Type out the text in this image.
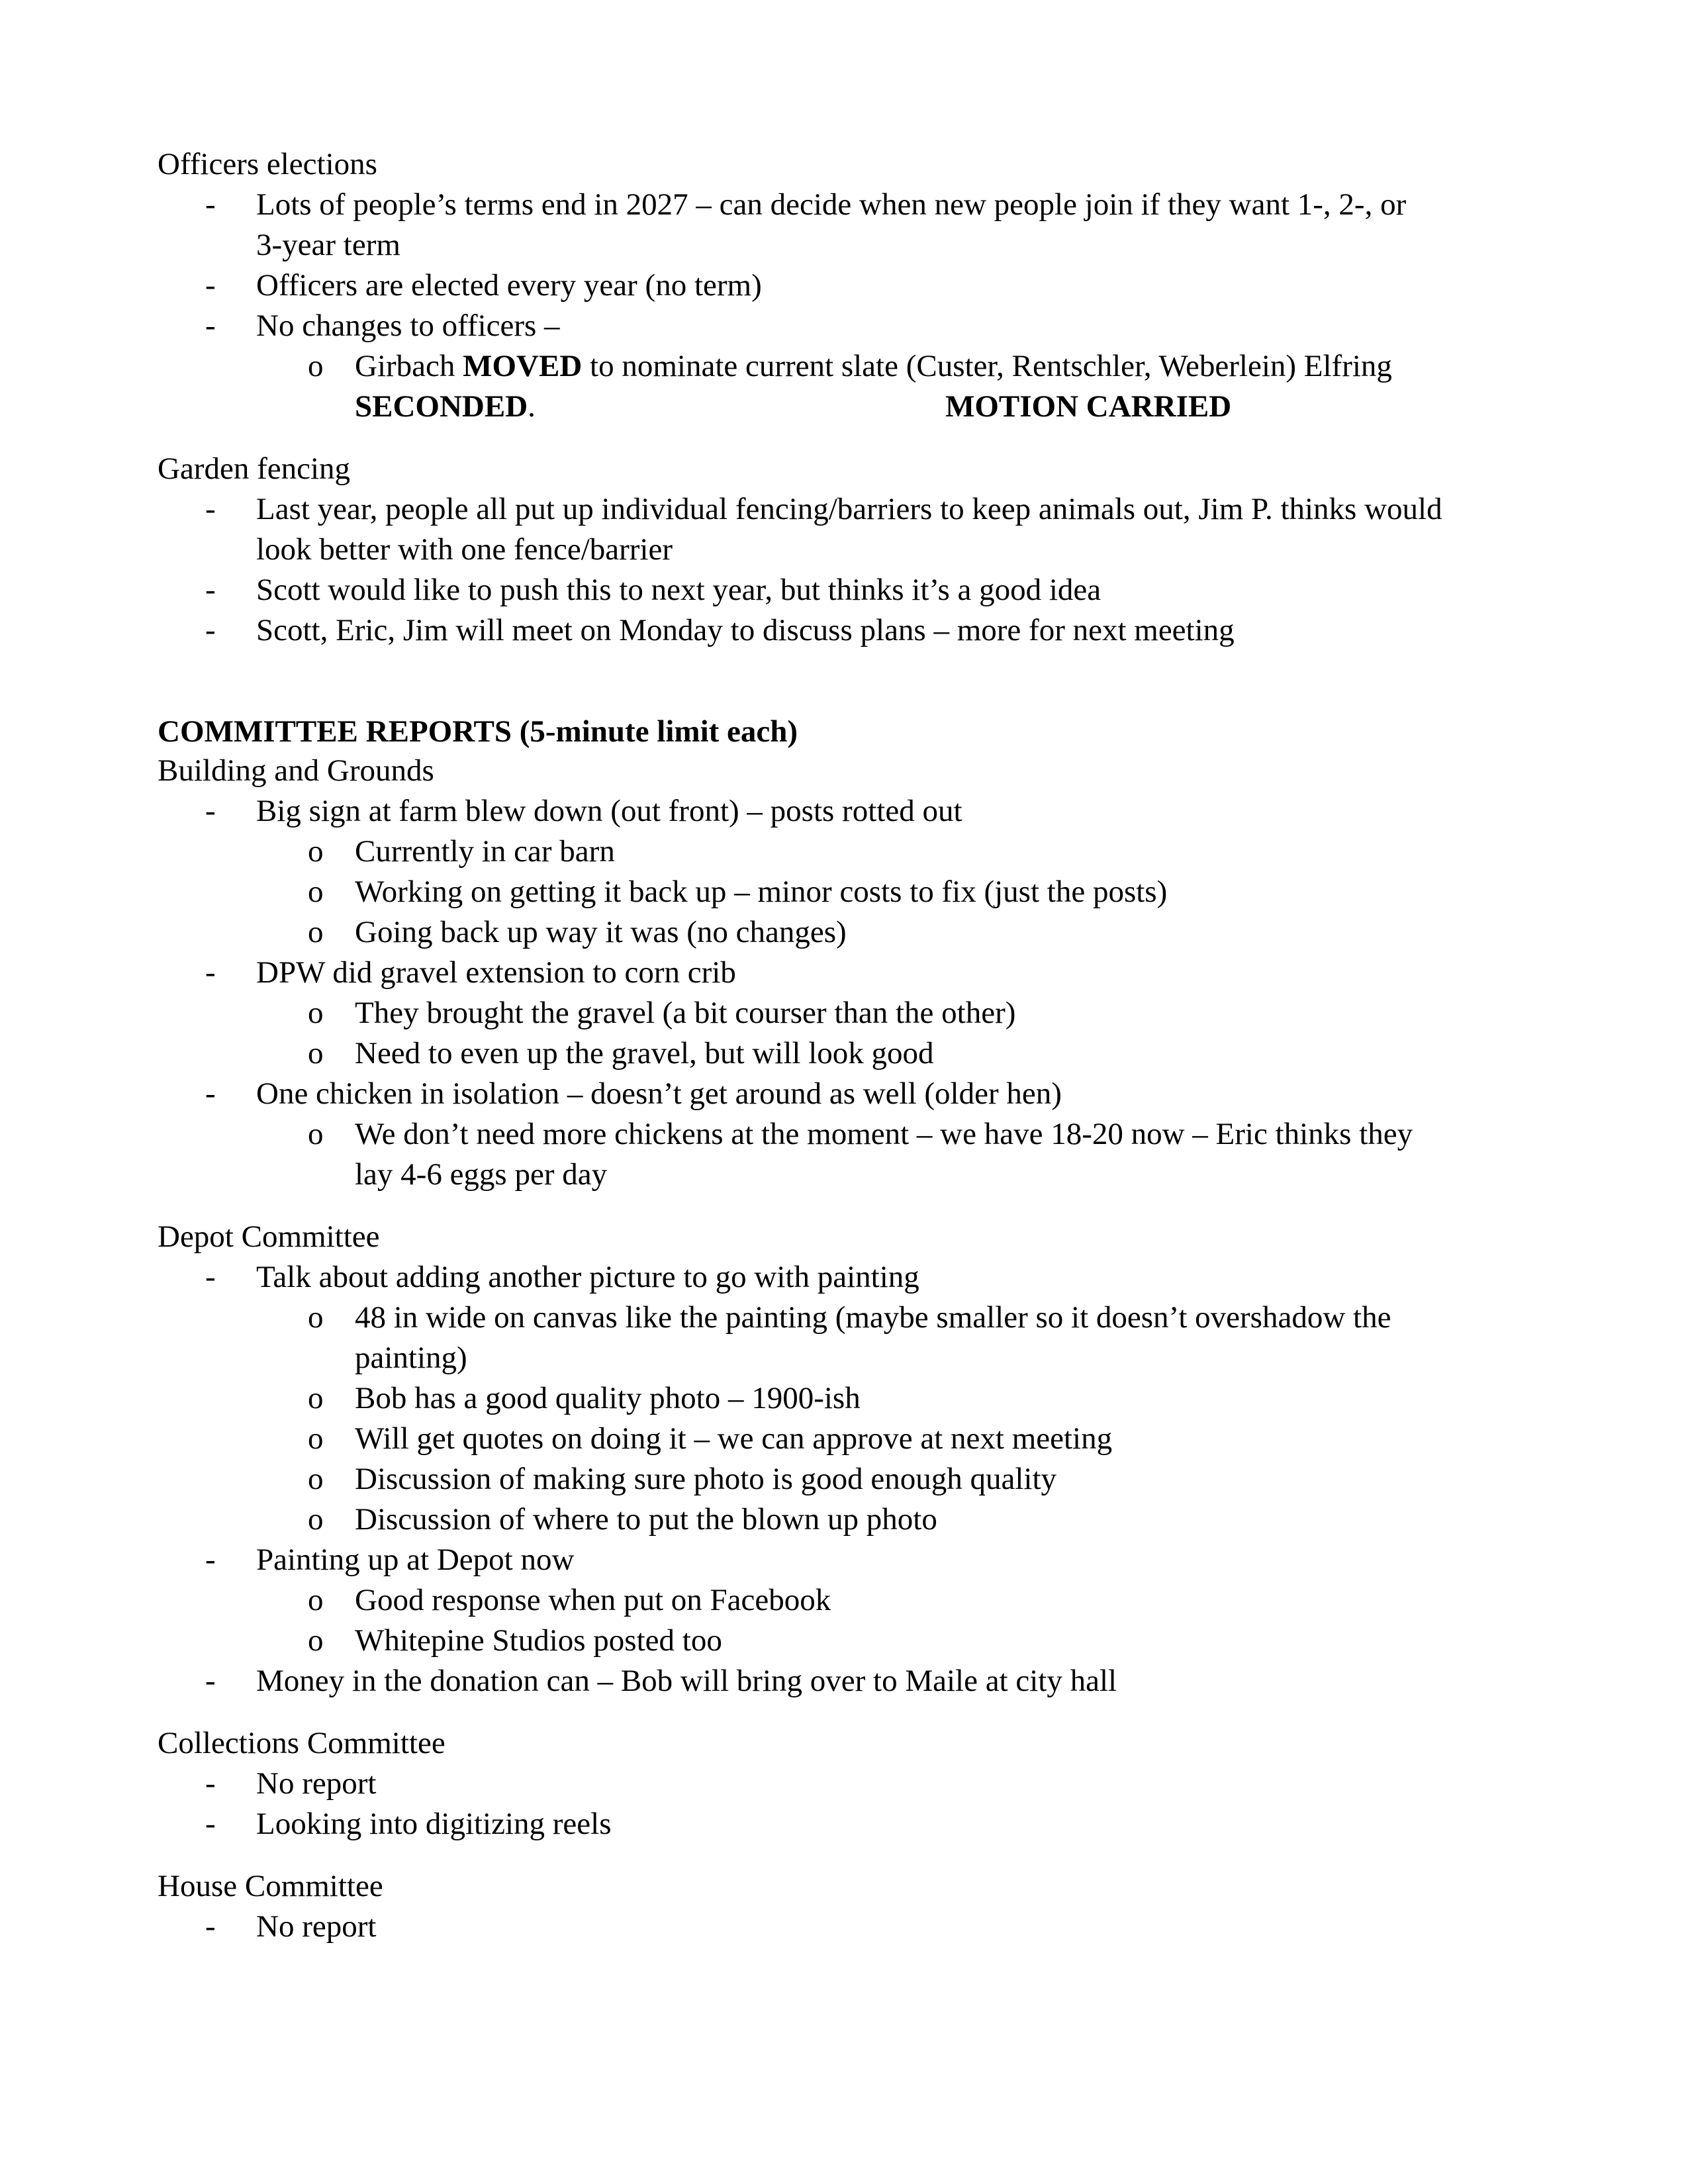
Officers elections
- Lots of people’s terms end in 2027 – can decide when new people join if they want 1-, 2-, or
3-year term
- Officers are elected every year (no term)
- No changes to officers –
o Girbach MOVED to nominate current slate (Custer, Rentschler, Weberlein) Elfring
SECONDED.	MOTION CARRIED
Garden fencing
- Last year, people all put up individual fencing/barriers to keep animals out, Jim P. thinks would
look better with one fence/barrier
- Scott would like to push this to next year, but thinks it’s a good idea
- Scott, Eric, Jim will meet on Monday to discuss plans – more for next meeting
COMMITTEE REPORTS (5-minute limit each)
Building and Grounds
- Big sign at farm blew down (out front) – posts rotted out
o Currently in car barn
o Working on getting it back up – minor costs to fix (just the posts)
o Going back up way it was (no changes)
- DPW did gravel extension to corn crib
o They brought the gravel (a bit courser than the other)
o Need to even up the gravel, but will look good
- One chicken in isolation – doesn’t get around as well (older hen)
o We don’t need more chickens at the moment – we have 18-20 now – Eric thinks they
lay 4-6 eggs per day
Depot Committee
- Talk about adding another picture to go with painting
o 48 in wide on canvas like the painting (maybe smaller so it doesn’t overshadow the
painting)
o Bob has a good quality photo – 1900-ish
o Will get quotes on doing it – we can approve at next meeting
o Discussion of making sure photo is good enough quality
o Discussion of where to put the blown up photo
- Painting up at Depot now
o Good response when put on Facebook
o Whitepine Studios posted too
- Money in the donation can – Bob will bring over to Maile at city hall
Collections Committee
- No report
- Looking into digitizing reels
House Committee
- No report
